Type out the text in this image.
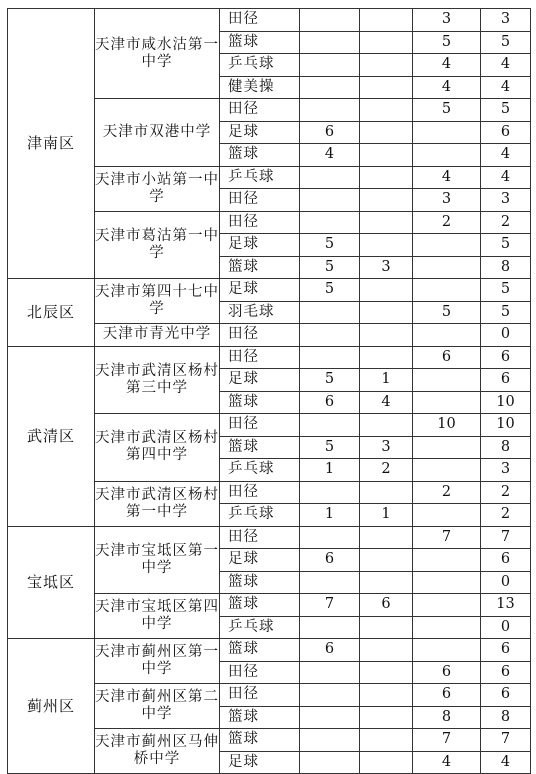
津南区	天津市咸水沽第一中学	田径			3	3
		篮球			5	5
		乒乓球			4	4
		健美操			4	4
	天津市双港中学	田径			5	5
		足球	6			6
		篮球	4			4
	天津市小站第一中学	乒乓球			4	4
		田径			3	3
	天津市葛沽第一中学	田径			2	2
		足球	5			5
		篮球	5	3		8
北辰区	天津市第四十七中学	足球	5			5
		羽毛球			5	5
	天津市青光中学	田径				0
武清区	天津市武清区杨村第三中学	田径			6	6
		足球	5	1		6
		篮球	6	4		10
	天津市武清区杨村第四中学	田径			10	10
		篮球	5	3		8
		乒乓球	1	2		3
	天津市武清区杨村第一中学	田径			2	2
		乒乓球	1	1		2
宝坻区	天津市宝坻区第一中学	田径			7	7
		足球	6			6
		篮球				0
	天津市宝坻区第四中学	篮球	7	6		13
		乒乓球				0
蓟州区	天津市蓟州区第一中学	篮球	6			6
		田径			6	6
	天津市蓟州区第二中学	田径			6	6
		篮球			8	8
	天津市蓟州区马伸桥中学	篮球			7	7
		足球			4	4
